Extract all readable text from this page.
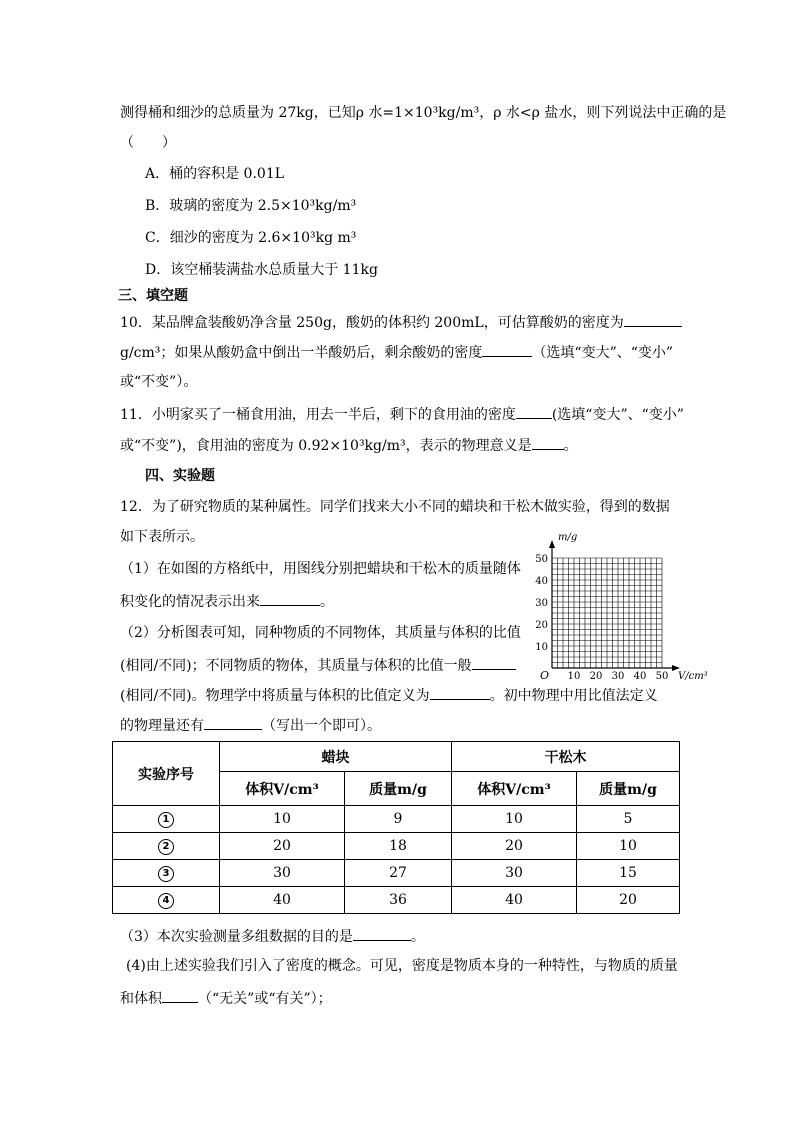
测得桶和细沙的总质量为 27kg，已知ρ 水=1×10³kg/m³，ρ 水<ρ 盐水，则下列说法中正确的是
（　　）
A．桶的容积是 0.01L
B．玻璃的密度为 2.5×10³kg/m³
C．细沙的密度为 2.6×10³kg m³
D．该空桶装满盐水总质量大于 11kg
三、填空题
10．某品牌盒装酸奶净含量 250g，酸奶的体积约 200mL，可估算酸奶的密度为
g/cm³；如果从酸奶盒中倒出一半酸奶后，剩余酸奶的密度	（选填“变大”、“变小”
或“不变”）。
11．小明家买了一桶食用油，用去一半后，剩下的食用油的密度	(选填“变大”、“变小”
或“不变”)，食用油的密度为 0.92×10³kg/m³，表示的物理意义是 。
四、实验题
12．为了研究物质的某种属性。同学们找来大小不同的蜡块和干松木做实验，得到的数据
如下表所示。
（1）在如图的方格纸中，用图线分别把蜡块和干松木的质量随体
积变化的情况表示出来	。
（2）分析图表可知，同种物质的不同物体，其质量与体积的比值
(相同/不同)；不同物质的物体，其质量与体积的比值一般
(相同/不同)。物理学中将质量与体积的比值定义为	。初中物理中用比值法定义
的物理量还有	（写出一个即可）。
m/g
V/cm³
O 10 20 30 40 50
10
20
30
40
50
实验序号	蜡块		干松木	
	体积V/cm³	质量m/g	体积V/cm³	质量m/g
1	10	9	10	5
2	20	18	20	10
3	30	27	30	15
4	40	36	40	20
（3）本次实验测量多组数据的目的是	。
(4)由上述实验我们引入了密度的概念。可见，密度是物质本身的一种特性，与物质的质量
和体积	（“无关”或“有关”）；
